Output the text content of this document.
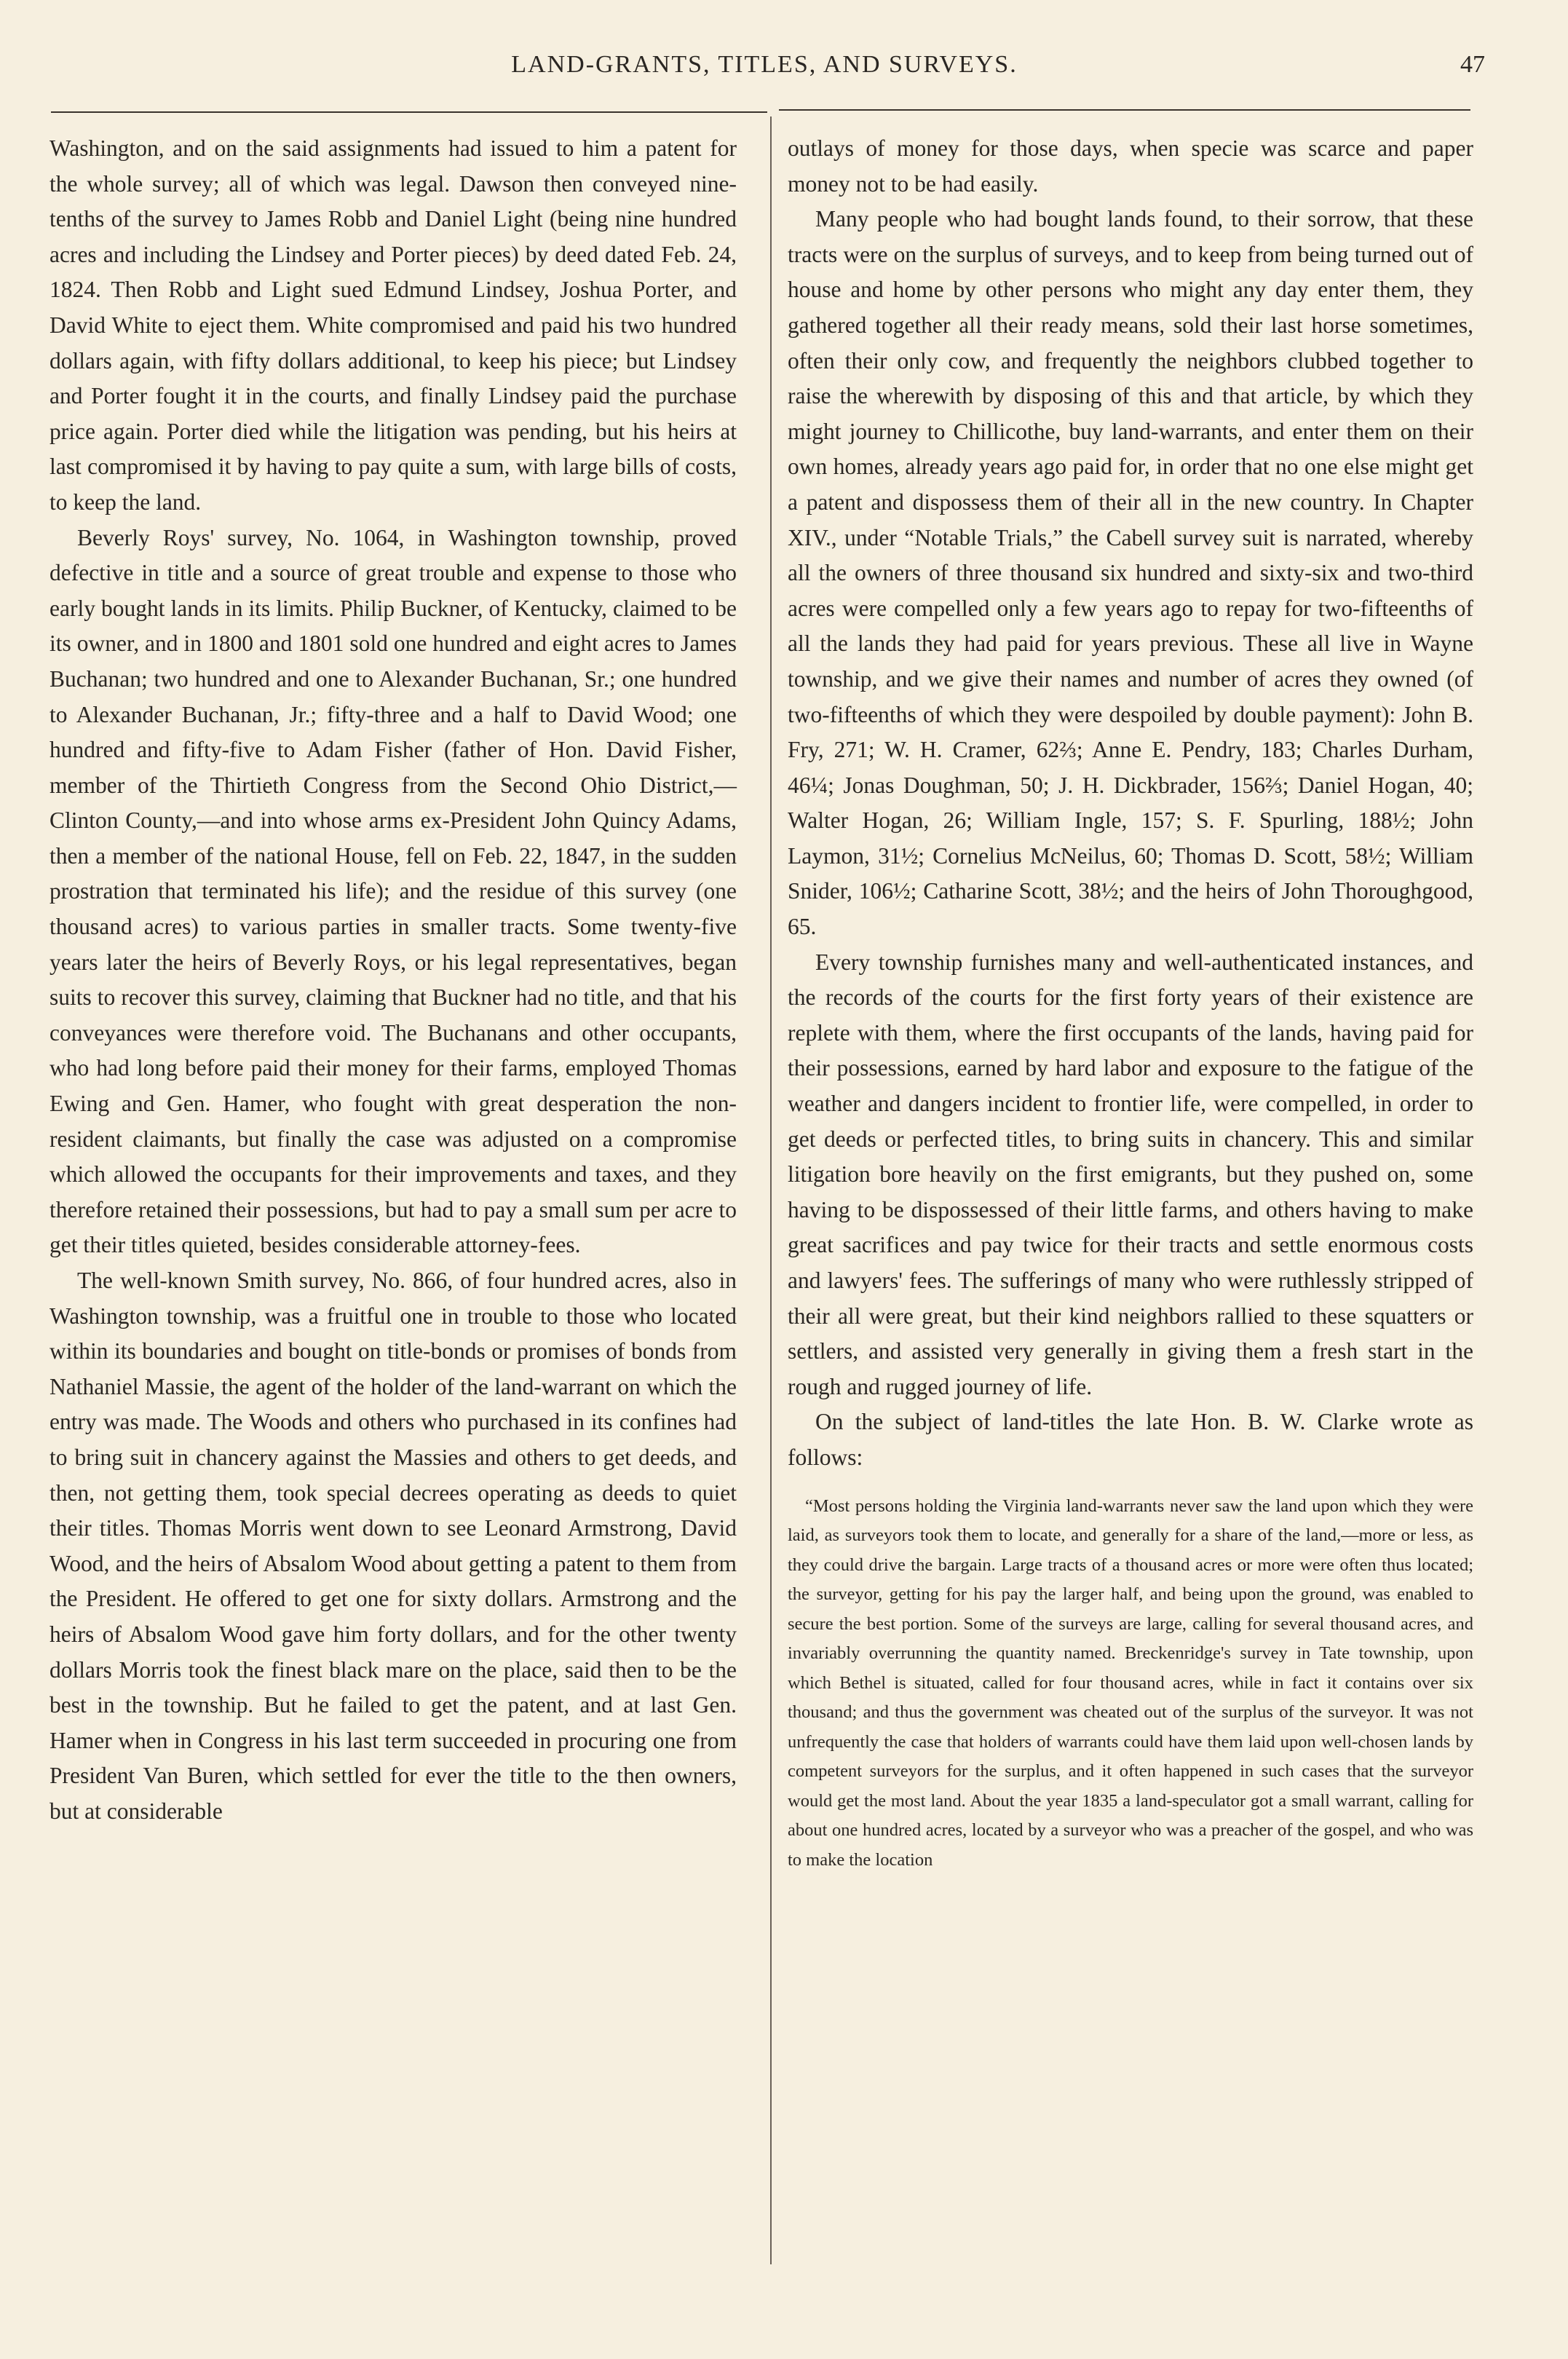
LAND-GRANTS, TITLES, AND SURVEYS.	47

Washington, and on the said assignments had issued to him a patent for the whole survey; all of which was legal. Dawson then conveyed nine-tenths of the survey to James Robb and Daniel Light (being nine hundred acres and including the Lindsey and Porter pieces) by deed dated Feb. 24, 1824. Then Robb and Light sued Edmund Lindsey, Joshua Porter, and David White to eject them. White compromised and paid his two hundred dollars again, with fifty dollars additional, to keep his piece; but Lindsey and Porter fought it in the courts, and finally Lindsey paid the purchase price again. Porter died while the litigation was pending, but his heirs at last compromised it by having to pay quite a sum, with large bills of costs, to keep the land.

Beverly Roys' survey, No. 1064, in Washington township, proved defective in title and a source of great trouble and expense to those who early bought lands in its limits. Philip Buckner, of Kentucky, claimed to be its owner, and in 1800 and 1801 sold one hundred and eight acres to James Buchanan; two hundred and one to Alexander Buchanan, Sr.; one hundred to Alexander Buchanan, Jr.; fifty-three and a half to David Wood; one hundred and fifty-five to Adam Fisher (father of Hon. David Fisher, member of the Thirtieth Congress from the Second Ohio District,—Clinton County,—and into whose arms ex-President John Quincy Adams, then a member of the national House, fell on Feb. 22, 1847, in the sudden prostration that terminated his life); and the residue of this survey (one thousand acres) to various parties in smaller tracts. Some twenty-five years later the heirs of Beverly Roys, or his legal representatives, began suits to recover this survey, claiming that Buckner had no title, and that his conveyances were therefore void. The Buchanans and other occupants, who had long before paid their money for their farms, employed Thomas Ewing and Gen. Hamer, who fought with great desperation the non-resident claimants, but finally the case was adjusted on a compromise which allowed the occupants for their improvements and taxes, and they therefore retained their possessions, but had to pay a small sum per acre to get their titles quieted, besides considerable attorney-fees.

The well-known Smith survey, No. 866, of four hundred acres, also in Washington township, was a fruitful one in trouble to those who located within its boundaries and bought on title-bonds or promises of bonds from Nathaniel Massie, the agent of the holder of the land-warrant on which the entry was made. The Woods and others who purchased in its confines had to bring suit in chancery against the Massies and others to get deeds, and then, not getting them, took special decrees operating as deeds to quiet their titles. Thomas Morris went down to see Leonard Armstrong, David Wood, and the heirs of Absalom Wood about getting a patent to them from the President. He offered to get one for sixty dollars. Armstrong and the heirs of Absalom Wood gave him forty dollars, and for the other twenty dollars Morris took the finest black mare on the place, said then to be the best in the township. But he failed to get the patent, and at last Gen. Hamer when in Congress in his last term succeeded in procuring one from President Van Buren, which settled for ever the title to the then owners, but at considerable

outlays of money for those days, when specie was scarce and paper money not to be had easily.

Many people who had bought lands found, to their sorrow, that these tracts were on the surplus of surveys, and to keep from being turned out of house and home by other persons who might any day enter them, they gathered together all their ready means, sold their last horse sometimes, often their only cow, and frequently the neighbors clubbed together to raise the wherewith by disposing of this and that article, by which they might journey to Chillicothe, buy land-warrants, and enter them on their own homes, already years ago paid for, in order that no one else might get a patent and dispossess them of their all in the new country. In Chapter XIV., under “Notable Trials,” the Cabell survey suit is narrated, whereby all the owners of three thousand six hundred and sixty-six and two-third acres were compelled only a few years ago to repay for two-fifteenths of all the lands they had paid for years previous. These all live in Wayne township, and we give their names and number of acres they owned (of two-fifteenths of which they were despoiled by double payment): John B. Fry, 271; W. H. Cramer, 62⅔; Anne E. Pendry, 183; Charles Durham, 46¼; Jonas Doughman, 50; J. H. Dickbrader, 156⅔; Daniel Hogan, 40; Walter Hogan, 26; William Ingle, 157; S. F. Spurling, 188½; John Laymon, 31½; Cornelius McNeilus, 60; Thomas D. Scott, 58½; William Snider, 106½; Catharine Scott, 38½; and the heirs of John Thoroughgood, 65.

Every township furnishes many and well-authenticated instances, and the records of the courts for the first forty years of their existence are replete with them, where the first occupants of the lands, having paid for their possessions, earned by hard labor and exposure to the fatigue of the weather and dangers incident to frontier life, were compelled, in order to get deeds or perfected titles, to bring suits in chancery. This and similar litigation bore heavily on the first emigrants, but they pushed on, some having to be dispossessed of their little farms, and others having to make great sacrifices and pay twice for their tracts and settle enormous costs and lawyers' fees. The sufferings of many who were ruthlessly stripped of their all were great, but their kind neighbors rallied to these squatters or settlers, and assisted very generally in giving them a fresh start in the rough and rugged journey of life.

On the subject of land-titles the late Hon. B. W. Clarke wrote as follows:

“Most persons holding the Virginia land-warrants never saw the land upon which they were laid, as surveyors took them to locate, and generally for a share of the land,—more or less, as they could drive the bargain. Large tracts of a thousand acres or more were often thus located; the surveyor, getting for his pay the larger half, and being upon the ground, was enabled to secure the best portion. Some of the surveys are large, calling for several thousand acres, and invariably overrunning the quantity named. Breckenridge's survey in Tate township, upon which Bethel is situated, called for four thousand acres, while in fact it contains over six thousand; and thus the government was cheated out of the surplus of the surveyor. It was not unfrequently the case that holders of warrants could have them laid upon well-chosen lands by competent surveyors for the surplus, and it often happened in such cases that the surveyor would get the most land. About the year 1835 a land-speculator got a small warrant, calling for about one hundred acres, located by a surveyor who was a preacher of the gospel, and who was to make the location
